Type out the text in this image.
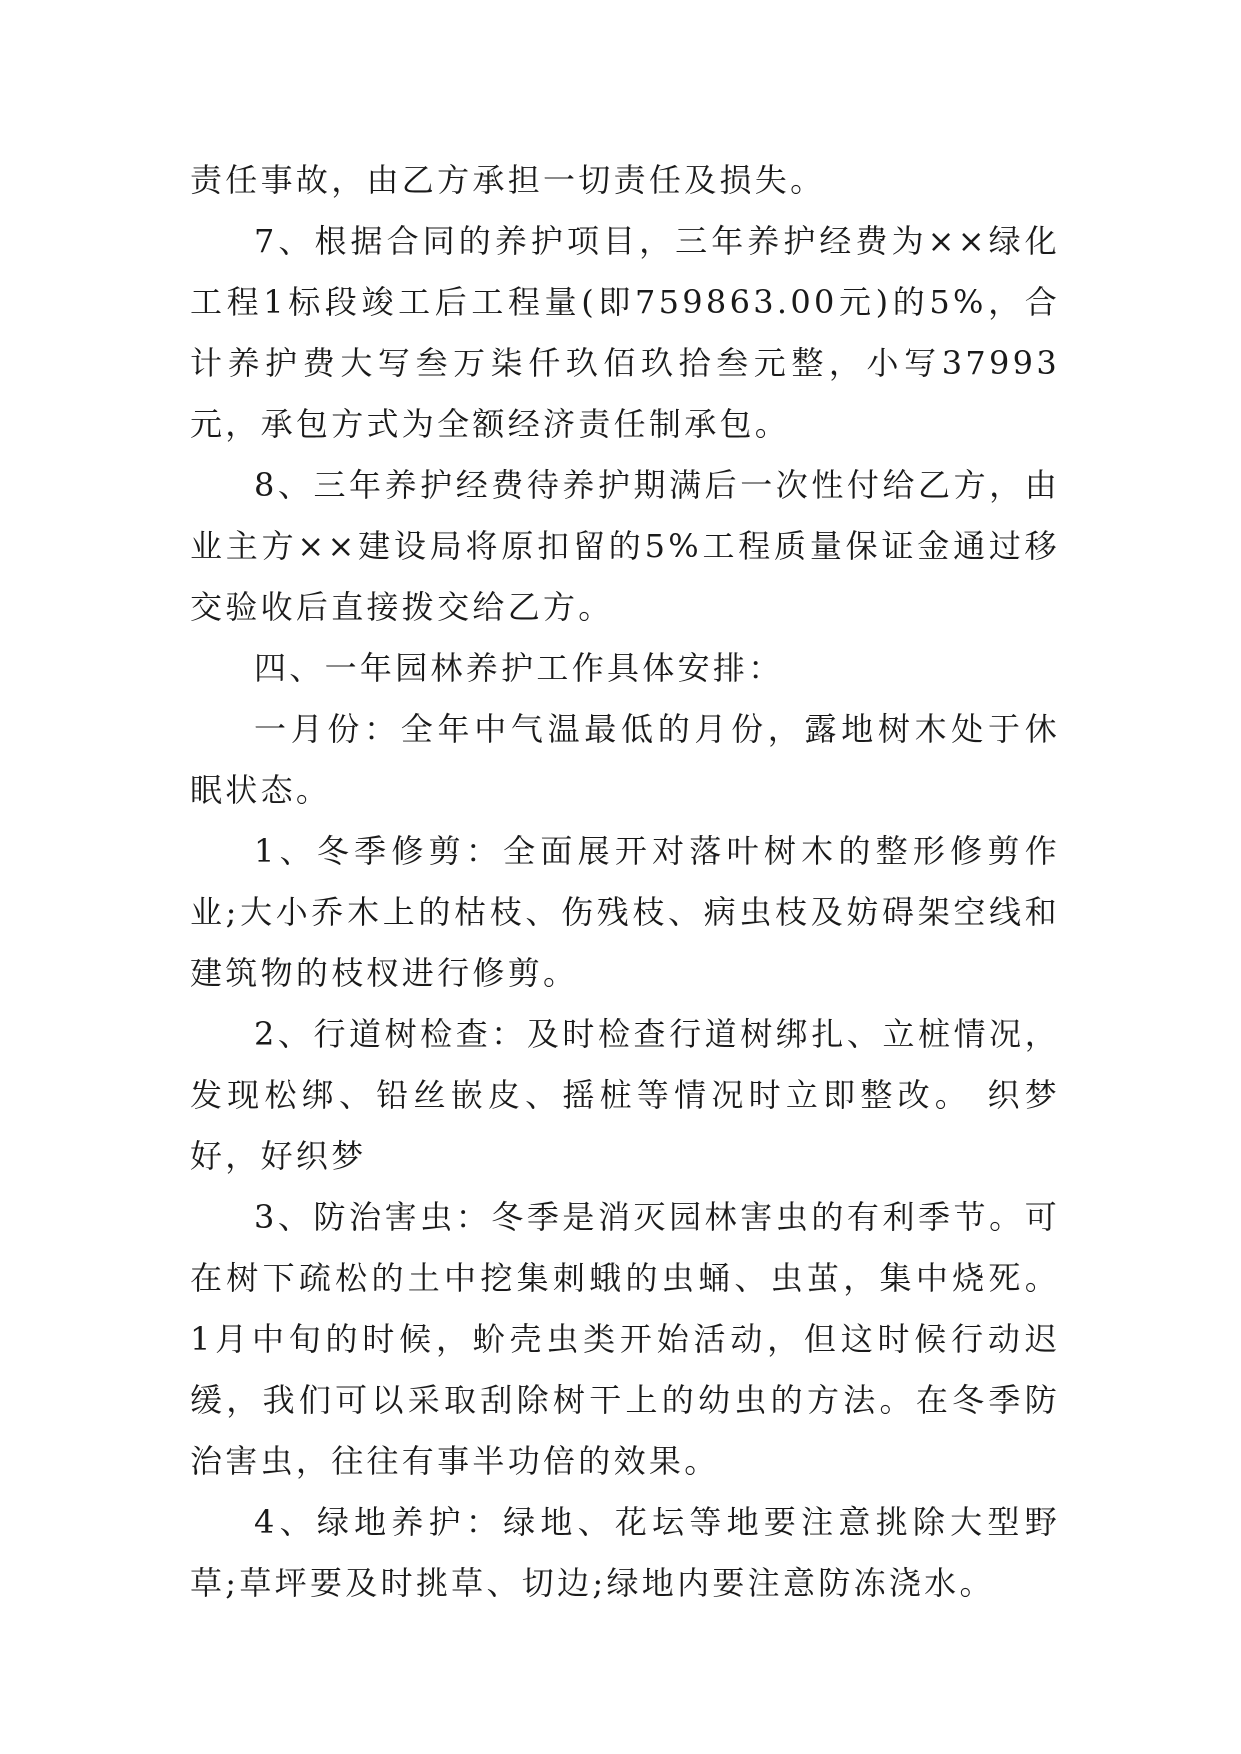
责任事故，由乙方承担一切责任及损失。

7、根据合同的养护项目，三年养护经费为××绿化工程1标段竣工后工程量(即759863.00元)的5%，合计养护费大写叁万柒仟玖佰玖拾叁元整，小写37993元，承包方式为全额经济责任制承包。

8、三年养护经费待养护期满后一次性付给乙方，由业主方××建设局将原扣留的5%工程质量保证金通过移交验收后直接拨交给乙方。

四、一年园林养护工作具体安排：

一月份：全年中气温最低的月份，露地树木处于休眠状态。

1、冬季修剪：全面展开对落叶树木的整形修剪作业;大小乔木上的枯枝、伤残枝、病虫枝及妨碍架空线和建筑物的枝杈进行修剪。

2、行道树检查：及时检查行道树绑扎、立桩情况，发现松绑、铅丝嵌皮、摇桩等情况时立即整改。 织梦好，好织梦

3、防治害虫：冬季是消灭园林害虫的有利季节。可在树下疏松的土中挖集刺蛾的虫蛹、虫茧，集中烧死。1月中旬的时候，蚧壳虫类开始活动，但这时候行动迟缓，我们可以采取刮除树干上的幼虫的方法。在冬季防治害虫，往往有事半功倍的效果。

4、绿地养护：绿地、花坛等地要注意挑除大型野草;草坪要及时挑草、切边;绿地内要注意防冻浇水。
